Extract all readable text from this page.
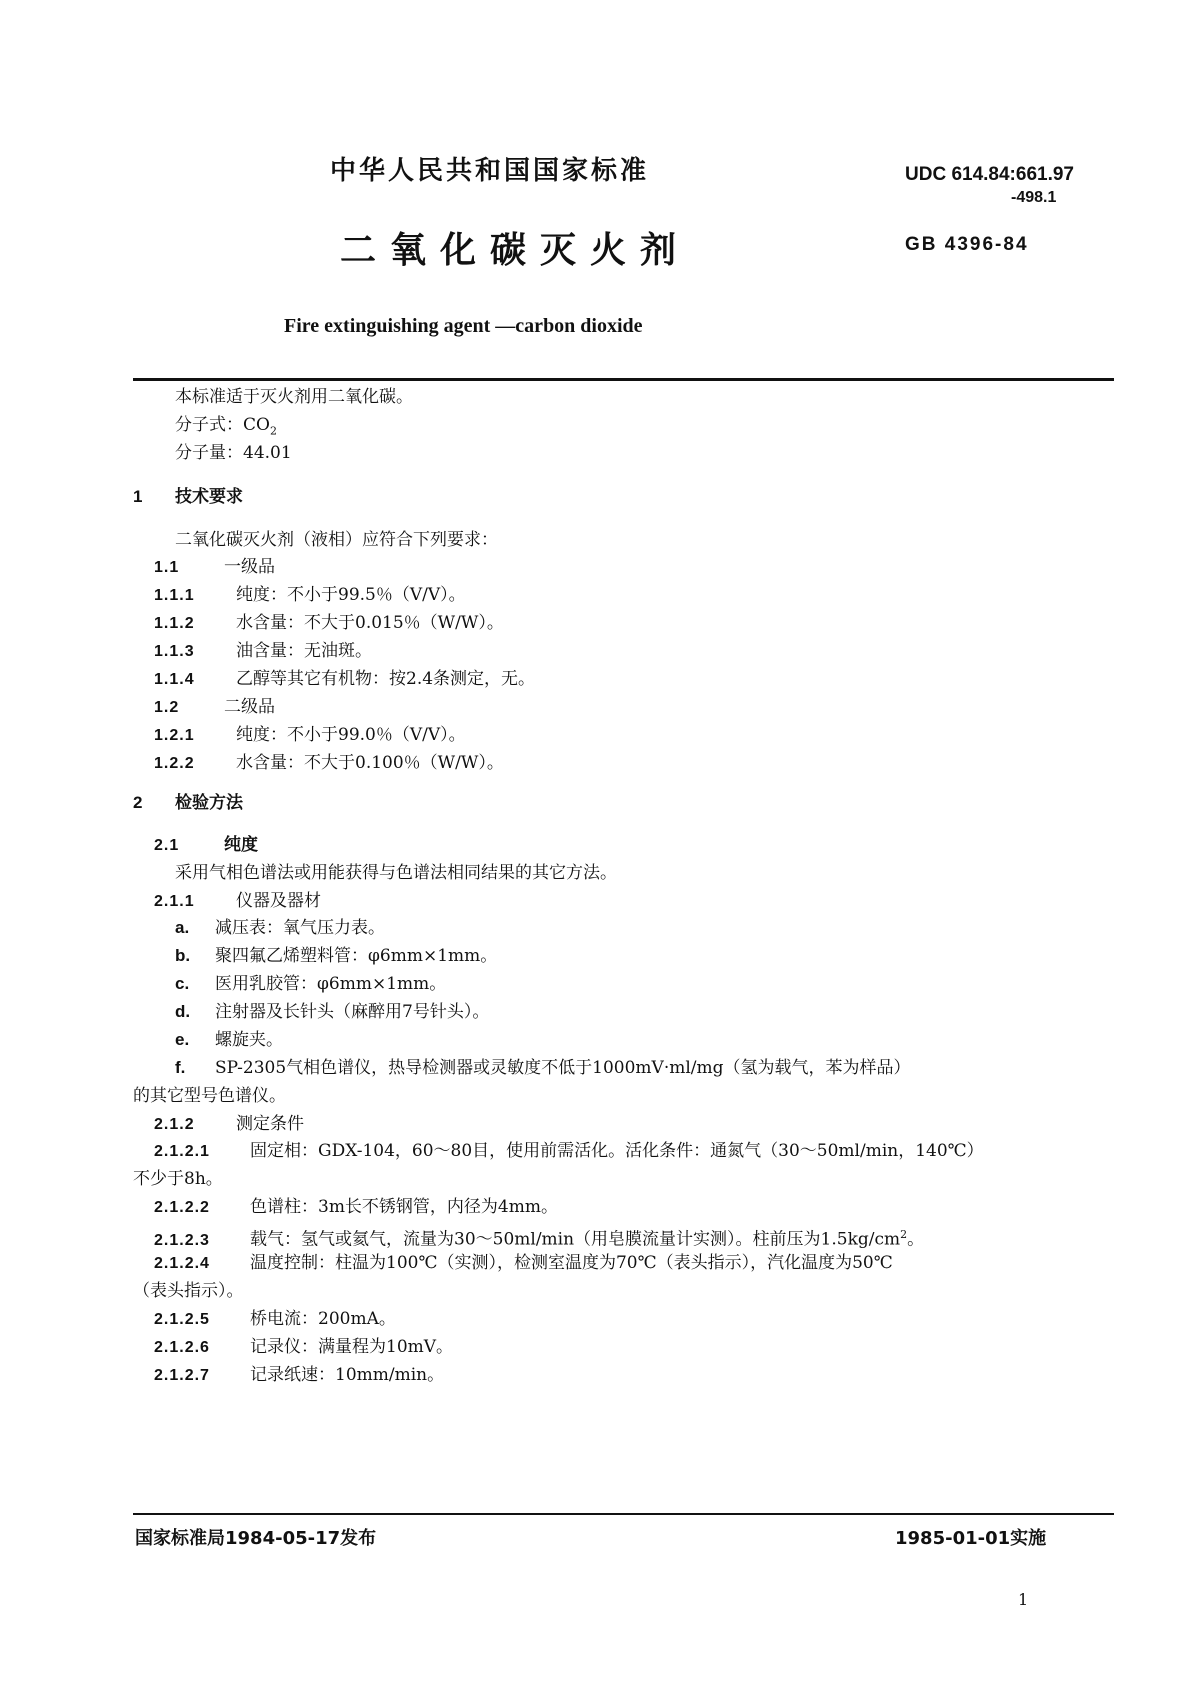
中华人民共和国国家标准	UDC 614.84:661.97
-498.1
二氧化碳灭火剂	GB 4396-84
Fire extinguishing agent —carbon dioxide
本标准适于灭火剂用二氧化碳。
分子式：$CO_2$
分子量：44.01
1 技术要求
二氧化碳灭火剂（液相）应符合下列要求：
1.1	一级品
1.1.1 纯度：不小于99.5％（V/V）。
1.1.2 水含量：不大于0.015％（W/W）。
1.1.3 油含量：无油斑。
1.1.4 乙醇等其它有机物：按2.4条测定，无。
1.2	二级品
1.2.1 纯度：不小于99.0％（V/V）。
1.2.2 水含量：不大于0.100％（W/W）。
2 检验方法
2.1	纯度
采用气相色谱法或用能获得与色谱法相同结果的其它方法。
2.1.1 仪器及器材
a. 减压表：氧气压力表。
b. 聚四氟乙烯塑料管：φ6mm×1mm。
c. 医用乳胶管：φ6mm×1mm。
d. 注射器及长针头（麻醉用7号针头）。
e. 螺旋夹。
f. SP-2305气相色谱仪，热导检测器或灵敏度不低于1000mV·ml/mg（氢为载气，苯为样品）
的其它型号色谱仪。
2.1.2 测定条件
2.1.2.1 固定相：GDX-104，60～80目，使用前需活化。活化条件：通氮气（30～50ml/min，140℃）
不少于8h。
2.1.2.2 色谱柱：3m长不锈钢管，内径为4mm。
2.1.2.3 载气：氢气或氦气，流量为30～50ml/min（用皂膜流量计实测）。柱前压为$1.5kg/cm^2$。
2.1.2.4 温度控制：柱温为100℃（实测），检测室温度为70℃（表头指示），汽化温度为50℃
（表头指示）。
2.1.2.5 桥电流：200mA。
2.1.2.6 记录仪：满量程为10mV。
2.1.2.7 记录纸速：10mm/min。
国家标准局1984-05-17发布	1985-01-01实施
1
